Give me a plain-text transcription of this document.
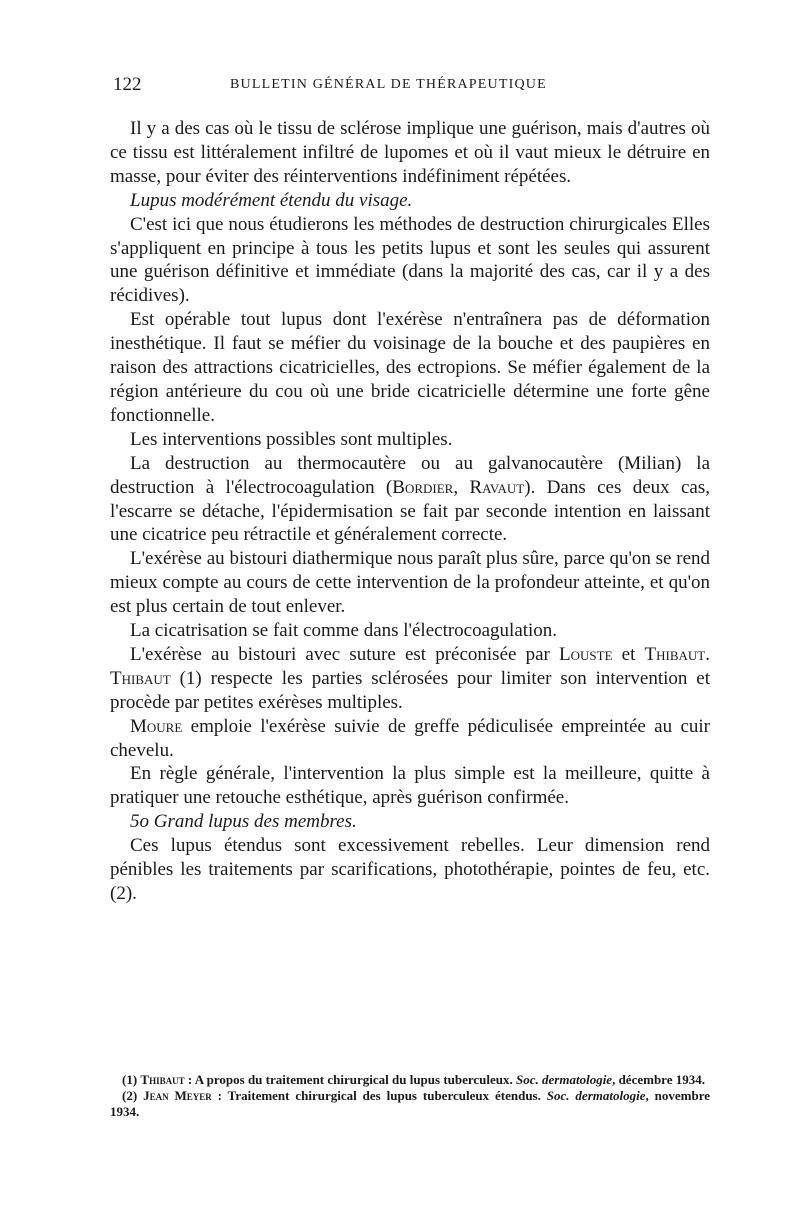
122	BULLETIN GÉNÉRAL DE THÉRAPEUTIQUE

Il y a des cas où le tissu de sclérose implique une guérison, mais d'autres où ce tissu est littéralement infiltré de lupomes et où il vaut mieux le détruire en masse, pour éviter des réinterventions indéfiniment répétées.

Lupus modérément étendu du visage.

C'est ici que nous étudierons les méthodes de destruction chirurgicales Elles s'appliquent en principe à tous les petits lupus et sont les seules qui assurent une guérison définitive et immédiate (dans la majorité des cas, car il y a des récidives).

Est opérable tout lupus dont l'exérèse n'entraînera pas de déformation inesthétique. Il faut se méfier du voisinage de la bouche et des paupières en raison des attractions cicatricielles, des ectropions. Se méfier également de la région antérieure du cou où une bride cicatricielle détermine une forte gêne fonctionnelle.

Les interventions possibles sont multiples.

La destruction au thermocautère ou au galvanocautère (Milian) la destruction à l'électrocoagulation (Bordier, Ravaut). Dans ces deux cas, l'escarre se détache, l'épidermisation se fait par seconde intention en laissant une cicatrice peu rétractile et généralement correcte.

L'exérèse au bistouri diathermique nous paraît plus sûre, parce qu'on se rend mieux compte au cours de cette intervention de la profondeur atteinte, et qu'on est plus certain de tout enlever.

La cicatrisation se fait comme dans l'électrocoagulation.

L'exérèse au bistouri avec suture est préconisée par Louste et Thibaut. Thibaut (1) respecte les parties sclérosées pour limiter son intervention et procède par petites exérèses multiples.

Moure emploie l'exérèse suivie de greffe pédiculisée empreintée au cuir chevelu.

En règle générale, l'intervention la plus simple est la meilleure, quitte à pratiquer une retouche esthétique, après guérison confirmée.

5o Grand lupus des membres.

Ces lupus étendus sont excessivement rebelles. Leur dimension rend pénibles les traitements par scarifications, photothérapie, pointes de feu, etc. (2).

(1) Thibaut : A propos du traitement chirurgical du lupus tuberculeux. Soc. dermatologie, décembre 1934.

(2) Jean Meyer : Traitement chirurgical des lupus tuberculeux étendus. Soc. dermatologie, novembre 1934.
